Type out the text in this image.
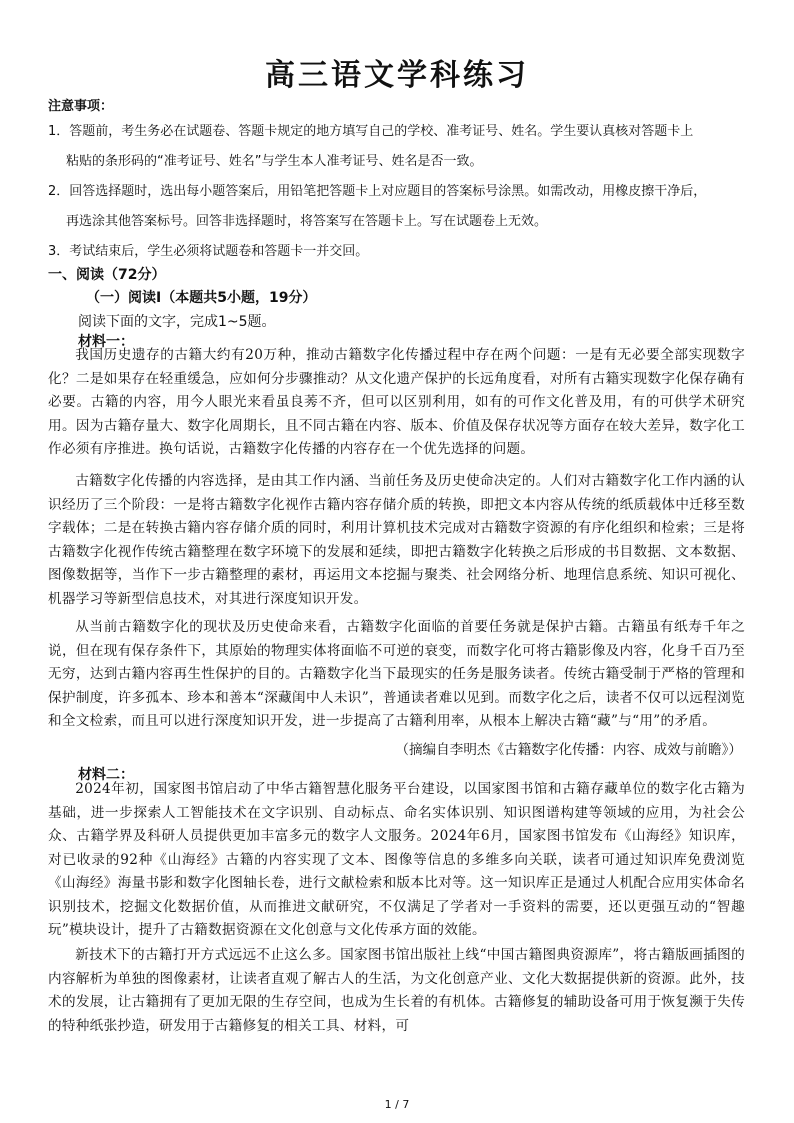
高三语文学科练习
注意事项：
1．答题前，考生务必在试题卷、答题卡规定的地方填写自己的学校、准考证号、姓名。学生要认真核对答题卡上
粘贴的条形码的“准考证号、姓名”与学生本人准考证号、姓名是否一致。
2．回答选择题时，选出每小题答案后，用铅笔把答题卡上对应题目的答案标号涂黑。如需改动，用橡皮擦干净后，
再选涂其他答案标号。回答非选择题时，将答案写在答题卡上。写在试题卷上无效。
3．考试结束后，学生必须将试题卷和答题卡一并交回。
一、阅读（72分）
（一）阅读Ⅰ（本题共5小题，19分）
阅读下面的文字，完成1~5题。
材料一：

我国历史遗存的古籍大约有20万种，推动古籍数字化传播过程中存在两个问题：一是有无必要全部实现数字化？二是如果存在轻重缓急，应如何分步骤推动？从文化遗产保护的长远角度看，对所有古籍实现数字化保存确有必要。古籍的内容，用今人眼光来看虽良莠不齐，但可以区别利用，如有的可作文化普及用，有的可供学术研究用。因为古籍存量大、数字化周期长，且不同古籍在内容、版本、价值及保存状况等方面存在较大差异，数字化工作必须有序推进。换句话说，古籍数字化传播的内容存在一个优先选择的问题。

古籍数字化传播的内容选择，是由其工作内涵、当前任务及历史使命决定的。人们对古籍数字化工作内涵的认识经历了三个阶段：一是将古籍数字化视作古籍内容存储介质的转换，即把文本内容从传统的纸质载体中迁移至数字载体；二是在转换古籍内容存储介质的同时，利用计算机技术完成对古籍数字资源的有序化组织和检索；三是将古籍数字化视作传统古籍整理在数字环境下的发展和延续，即把古籍数字化转换之后形成的书目数据、文本数据、图像数据等，当作下一步古籍整理的素材，再运用文本挖掘与聚类、社会网络分析、地理信息系统、知识可视化、机器学习等新型信息技术，对其进行深度知识开发。

从当前古籍数字化的现状及历史使命来看，古籍数字化面临的首要任务就是保护古籍。古籍虽有纸寿千年之说，但在现有保存条件下，其原始的物理实体将面临不可逆的衰变，而数字化可将古籍影像及内容，化身千百乃至无穷，达到古籍内容再生性保护的目的。古籍数字化当下最现实的任务是服务读者。传统古籍受制于严格的管理和保护制度，许多孤本、珍本和善本“深藏闺中人未识”，普通读者难以见到。而数字化之后，读者不仅可以远程浏览和全文检索，而且可以进行深度知识开发，进一步提高了古籍利用率，从根本上解决古籍“藏”与“用”的矛盾。

（摘编自李明杰《古籍数字化传播：内容、成效与前瞻》）
材料二：

2024年初，国家图书馆启动了中华古籍智慧化服务平台建设，以国家图书馆和古籍存藏单位的数字化古籍为基础，进一步探索人工智能技术在文字识别、自动标点、命名实体识别、知识图谱构建等领域的应用，为社会公众、古籍学界及科研人员提供更加丰富多元的数字人文服务。2024年6月，国家图书馆发布《山海经》知识库，对已收录的92种《山海经》古籍的内容实现了文本、图像等信息的多维多向关联，读者可通过知识库免费浏览《山海经》海量书影和数字化图轴长卷，进行文献检索和版本比对等。这一知识库正是通过人机配合应用实体命名识别技术，挖掘文化数据价值，从而推进文献研究，不仅满足了学者对一手资料的需要，还以更强互动的“智趣玩”模块设计，提升了古籍数据资源在文化创意与文化传承方面的效能。

新技术下的古籍打开方式远远不止这么多。国家图书馆出版社上线“中国古籍图典资源库”，将古籍版画插图的内容解析为单独的图像素材，让读者直观了解古人的生活，为文化创意产业、文化大数据提供新的资源。此外，技术的发展，让古籍拥有了更加无限的生存空间，也成为生长着的有机体。古籍修复的辅助设备可用于恢复濒于失传的特种纸张抄造，研发用于古籍修复的相关工具、材料，可

1 / 7
